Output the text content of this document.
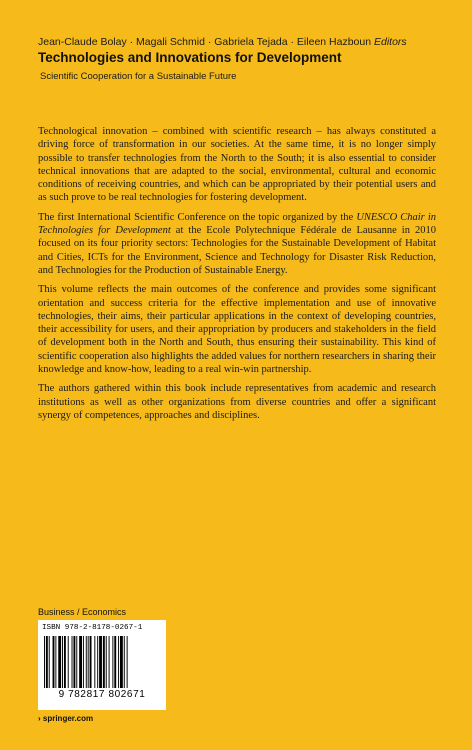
Jean-Claude Bolay · Magali Schmid · Gabriela Tejada · Eileen Hazboun Editors
Technologies and Innovations for Development
Scientific Cooperation for a Sustainable Future

Technological innovation – combined with scientific research – has always constituted a driving force of transformation in our societies. At the same time, it is no longer simply possible to transfer technologies from the North to the South; it is also essential to consider technical innovations that are adapted to the social, environmental, cultural and economic conditions of receiving countries, and which can be appropriated by their potential users and as such prove to be real technologies for fostering development.

The first International Scientific Conference on the topic organized by the UNESCO Chair in Technologies for Development at the Ecole Polytechnique Fédérale de Lausanne in 2010 focused on its four priority sectors: Technologies for the Sustainable Development of Habitat and Cities, ICTs for the Environment, Science and Technology for Disaster Risk Reduction, and Technologies for the Production of Sustainable Energy.

This volume reflects the main outcomes of the conference and provides some significant orientation and success criteria for the effective implementation and use of innovative technologies, their aims, their particular applications in the context of developing countries, their accessibility for users, and their appropriation by producers and stakeholders in the field of development both in the North and South, thus ensuring their sustainability. This kind of scientific cooperation also highlights the added values for northern researchers in sharing their knowledge and know-how, leading to a real win-win partnership.

The authors gathered within this book include representatives from academic and research institutions as well as other organizations from diverse countries and offer a significant synergy of competences, approaches and disciplines.

Business / Economics
ISBN 978-2-8178-0267-1
9 782817 802671
› springer.com
